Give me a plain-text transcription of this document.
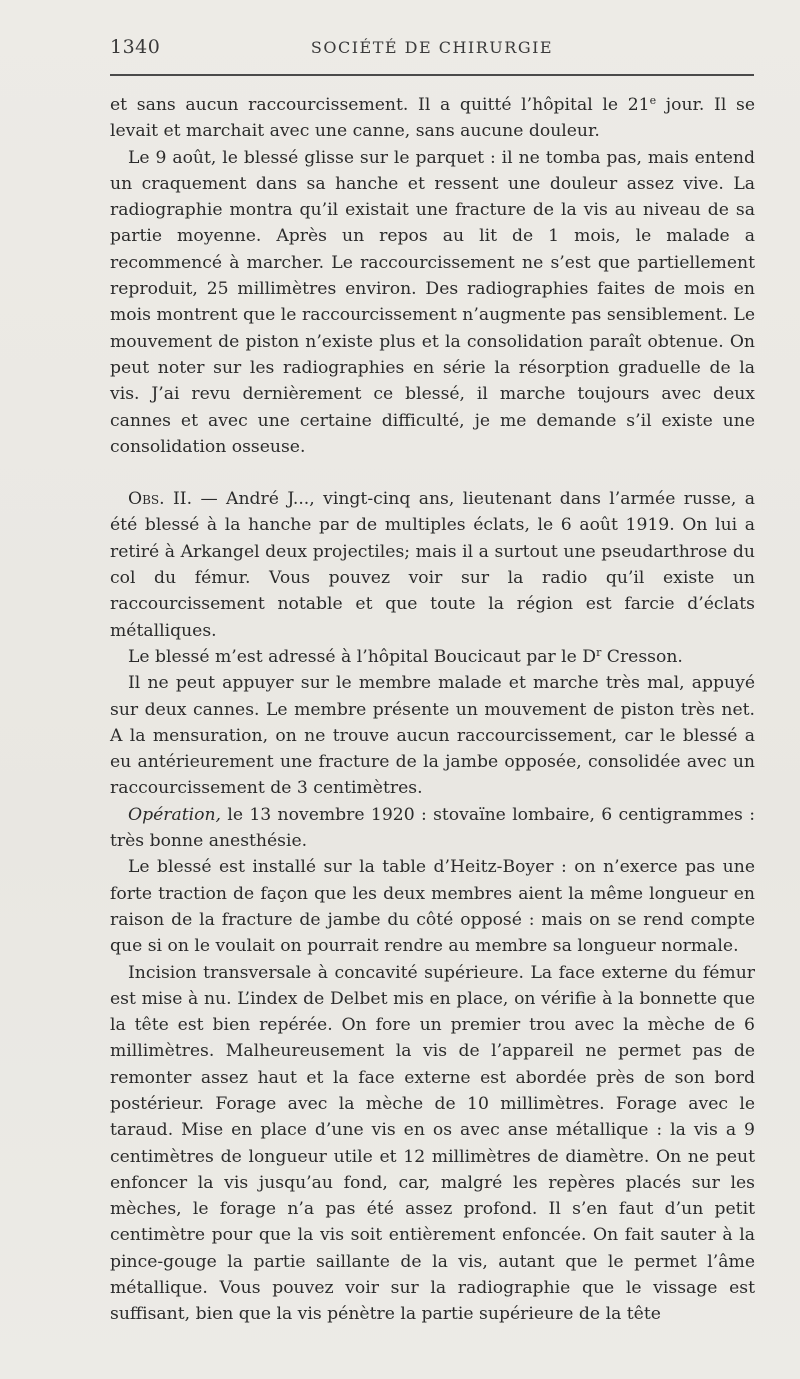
1340	SOCIÉTÉ DE CHIRURGIE

et sans aucun raccourcissement. Il a quitté l’hôpital le 21e jour. Il se levait et marchait avec une canne, sans aucune douleur.

Le 9 août, le blessé glisse sur le parquet : il ne tomba pas, mais entend un craquement dans sa hanche et ressent une douleur assez vive. La radiographie montra qu’il existait une fracture de la vis au niveau de sa partie moyenne. Après un repos au lit de 1 mois, le malade a recommencé à marcher. Le raccourcissement ne s’est que partiellement reproduit, 25 millimètres environ. Des radiographies faites de mois en mois montrent que le raccourcissement n’augmente pas sensiblement. Le mouvement de piston n’existe plus et la consolidation paraît obtenue. On peut noter sur les radiographies en série la résorption graduelle de la vis. J’ai revu dernièrement ce blessé, il marche toujours avec deux cannes et avec une certaine difficulté, je me demande s’il existe une consolidation osseuse.

Obs. II. — André J..., vingt-cinq ans, lieutenant dans l’armée russe, a été blessé à la hanche par de multiples éclats, le 6 août 1919. On lui a retiré à Arkangel deux projectiles; mais il a surtout une pseudarthrose du col du fémur. Vous pouvez voir sur la radio qu’il existe un raccourcissement notable et que toute la région est farcie d’éclats métalliques.

Le blessé m’est adressé à l’hôpital Boucicaut par le $D^r$ Cresson.

Il ne peut appuyer sur le membre malade et marche très mal, appuyé sur deux cannes. Le membre présente un mouvement de piston très net. A la mensuration, on ne trouve aucun raccourcissement, car le blessé a eu antérieurement une fracture de la jambe opposée, consolidée avec un raccourcissement de 3 centimètres.

Opération, le 13 novembre 1920 : stovaïne lombaire, 6 centigrammes : très bonne anesthésie.

Le blessé est installé sur la table d’Heitz-Boyer : on n’exerce pas une forte traction de façon que les deux membres aient la même longueur en raison de la fracture de jambe du côté opposé : mais on se rend compte que si on le voulait on pourrait rendre au membre sa longueur normale.

Incision transversale à concavité supérieure. La face externe du fémur est mise à nu. L’index de Delbet mis en place, on vérifie à la bonnette que la tête est bien repérée. On fore un premier trou avec la mèche de 6 millimètres. Malheureusement la vis de l’appareil ne permet pas de remonter assez haut et la face externe est abordée près de son bord postérieur. Forage avec la mèche de 10 millimètres. Forage avec le taraud. Mise en place d’une vis en os avec anse métallique : la vis a 9 centimètres de longueur utile et 12 millimètres de diamètre. On ne peut enfoncer la vis jusqu’au fond, car, malgré les repères placés sur les mèches, le forage n’a pas été assez profond. Il s’en faut d’un petit centimètre pour que la vis soit entièrement enfoncée. On fait sauter à la pince-gouge la partie saillante de la vis, autant que le permet l’âme métallique. Vous pouvez voir sur la radiographie que le vissage est suffisant, bien que la vis pénètre la partie supérieure de la tête
